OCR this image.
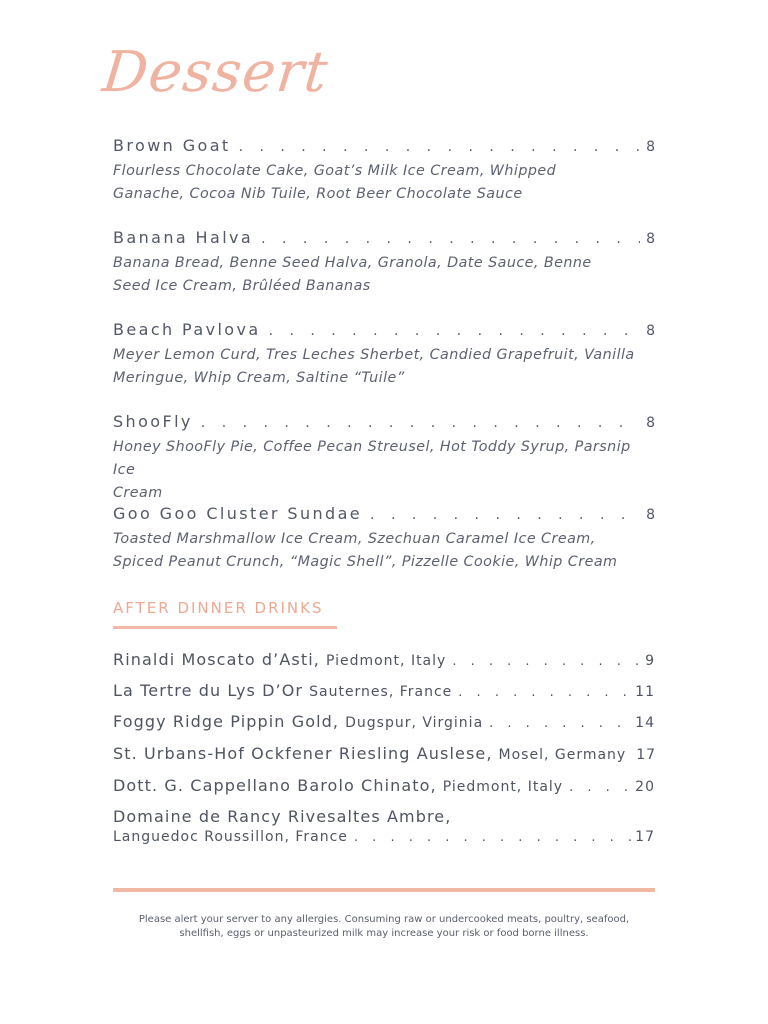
Dessert
Brown Goat . . .	8
Flourless Chocolate Cake, Goat’s Milk Ice Cream, Whipped
Ganache, Cocoa Nib Tuile, Root Beer Chocolate Sauce
Banana Halva . . .	8
Banana Bread, Benne Seed Halva, Granola, Date Sauce, Benne
Seed Ice Cream, Brûléed Bananas
Beach Pavlova . . .	8
Meyer Lemon Curd, Tres Leches Sherbet, Candied Grapefruit, Vanilla
Meringue, Whip Cream, Saltine “Tuile”
ShooFly . . .	8
Honey ShooFly Pie, Coffee Pecan Streusel, Hot Toddy Syrup, Parsnip Ice
Cream
Goo Goo Cluster Sundae . . .	8
Toasted Marshmallow Ice Cream, Szechuan Caramel Ice Cream,
Spiced Peanut Crunch, “Magic Shell”, Pizzelle Cookie, Whip Cream
AFTER DINNER DRINKS
Rinaldi Moscato d’Asti, Piedmont, Italy . . .	9
La Tertre du Lys D’Or Sauternes, France . . .	11
Foggy Ridge Pippin Gold, Dugspur, Virginia . . .	14
St. Urbans-Hof Ockfener Riesling Auslese, Mosel, Germany 17
Dott. G. Cappellano Barolo Chinato, Piedmont, Italy . . .	20
Domaine de Rancy Rivesaltes Ambre,
Languedoc Roussillon, France . . .	17
Please alert your server to any allergies. Consuming raw or undercooked meats, poultry, seafood,
shellfish, eggs or unpasteurized milk may increase your risk or food borne illness.
